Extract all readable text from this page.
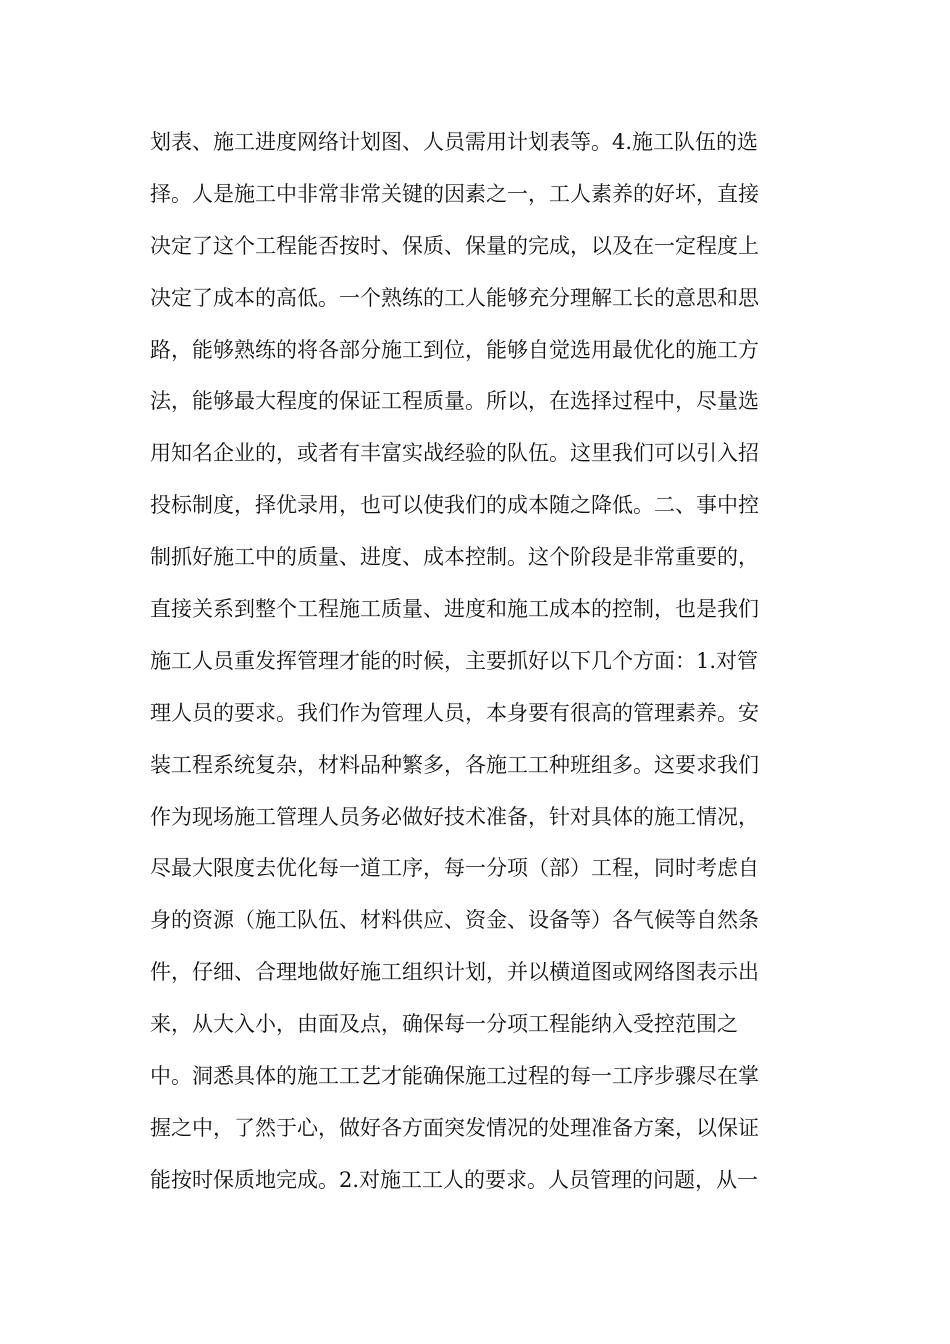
划表、施工进度网络计划图、人员需用计划表等。4.施工队伍的选
择。人是施工中非常非常关键的因素之一，工人素养的好坏，直接
决定了这个工程能否按时、保质、保量的完成，以及在一定程度上
决定了成本的高低。一个熟练的工人能够充分理解工长的意思和思
路，能够熟练的将各部分施工到位，能够自觉选用最优化的施工方
法，能够最大程度的保证工程质量。所以，在选择过程中，尽量选
用知名企业的，或者有丰富实战经验的队伍。这里我们可以引入招
投标制度，择优录用，也可以使我们的成本随之降低。二、事中控
制抓好施工中的质量、进度、成本控制。这个阶段是非常重要的，
直接关系到整个工程施工质量、进度和施工成本的控制，也是我们
施工人员重发挥管理才能的时候，主要抓好以下几个方面：1.对管
理人员的要求。我们作为管理人员，本身要有很高的管理素养。安
装工程系统复杂，材料品种繁多，各施工工种班组多。这要求我们
作为现场施工管理人员务必做好技术准备，针对具体的施工情况，
尽最大限度去优化每一道工序，每一分项（部）工程，同时考虑自
身的资源（施工队伍、材料供应、资金、设备等）各气候等自然条
件，仔细、合理地做好施工组织计划，并以横道图或网络图表示出
来，从大入小，由面及点，确保每一分项工程能纳入受控范围之
中。洞悉具体的施工工艺才能确保施工过程的每一工序步骤尽在掌
握之中，了然于心，做好各方面突发情况的处理准备方案，以保证
能按时保质地完成。2.对施工工人的要求。人员管理的问题，从一
